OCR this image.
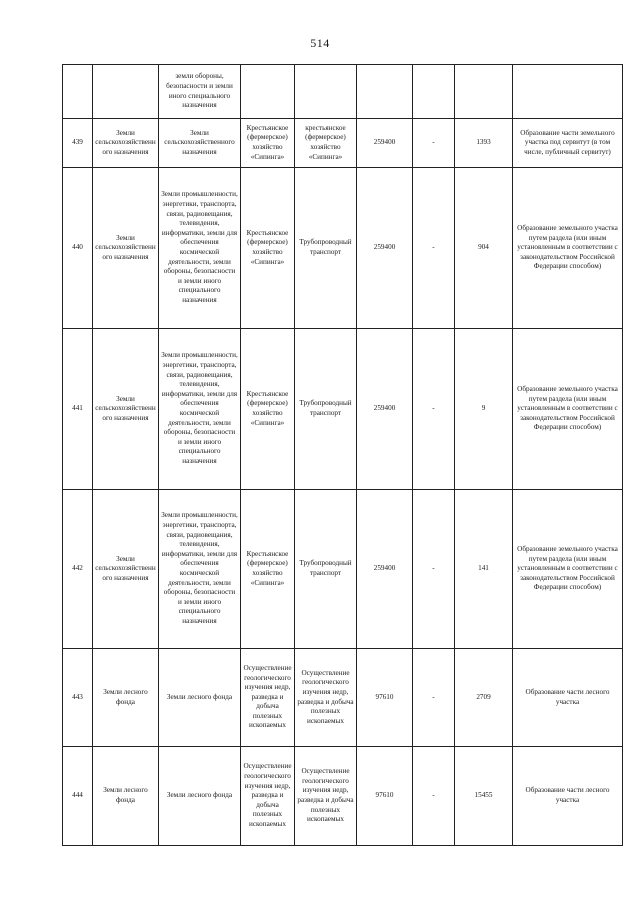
514

		земли обороны, безопасности и земли иного специального назначения						

439	Земли сельскохозяйственного назначения	Земли сельскохозяйственного назначения	Крестьянское (фермерское) хозяйство «Сипинга»	крестьянское (фермерское) хозяйство «Сипинга»	259400	-	1393	Образование части земельного участка под сервитут (в том числе, публичный сервитут)
440	Земли сельскохозяйственного назначения	Земли промышленности, энергетики, транспорта, связи, радиовещания, телевидения, информатики, земли для обеспечения космической деятельности, земли обороны, безопасности и земли иного специального назначения	Крестьянское (фермерское) хозяйство «Сипинга»	Трубопроводный транспорт	259400	-	904	Образование земельного участка путем раздела (или иным установленным в соответствии с законодательством Российской Федерации способом)
441	Земли сельскохозяйственного назначения	Земли промышленности, энергетики, транспорта, связи, радиовещания, телевидения, информатики, земли для обеспечения космической деятельности, земли обороны, безопасности и земли иного специального назначения	Крестьянское (фермерское) хозяйство «Сипинга»	Трубопроводный транспорт	259400	-	9	Образование земельного участка путем раздела (или иным установленным в соответствии с законодательством Российской Федерации способом)
442	Земли сельскохозяйственного назначения	Земли промышленности, энергетики, транспорта, связи, радиовещания, телевидения, информатики, земли для обеспечения космической деятельности, земли обороны, безопасности и земли иного специального назначения	Крестьянское (фермерское) хозяйство «Сипинга»	Трубопроводный транспорт	259400	-	141	Образование земельного участка путем раздела (или иным установленным в соответствии с законодательством Российской Федерации способом)
443	Земли лесного фонда	Земли лесного фонда	Осуществление геологического изучения недр, разведка и добыча полезных ископаемых	Осуществление геологического изучения недр, разведка и добыча полезных ископаемых	97610	-	2709	Образование части лесного участка
444	Земли лесного фонда	Земли лесного фонда	Осуществление геологического изучения недр, разведка и добыча полезных ископаемых	Осуществление геологического изучения недр, разведка и добыча полезных ископаемых	97610	-	15455	Образование части лесного участка
